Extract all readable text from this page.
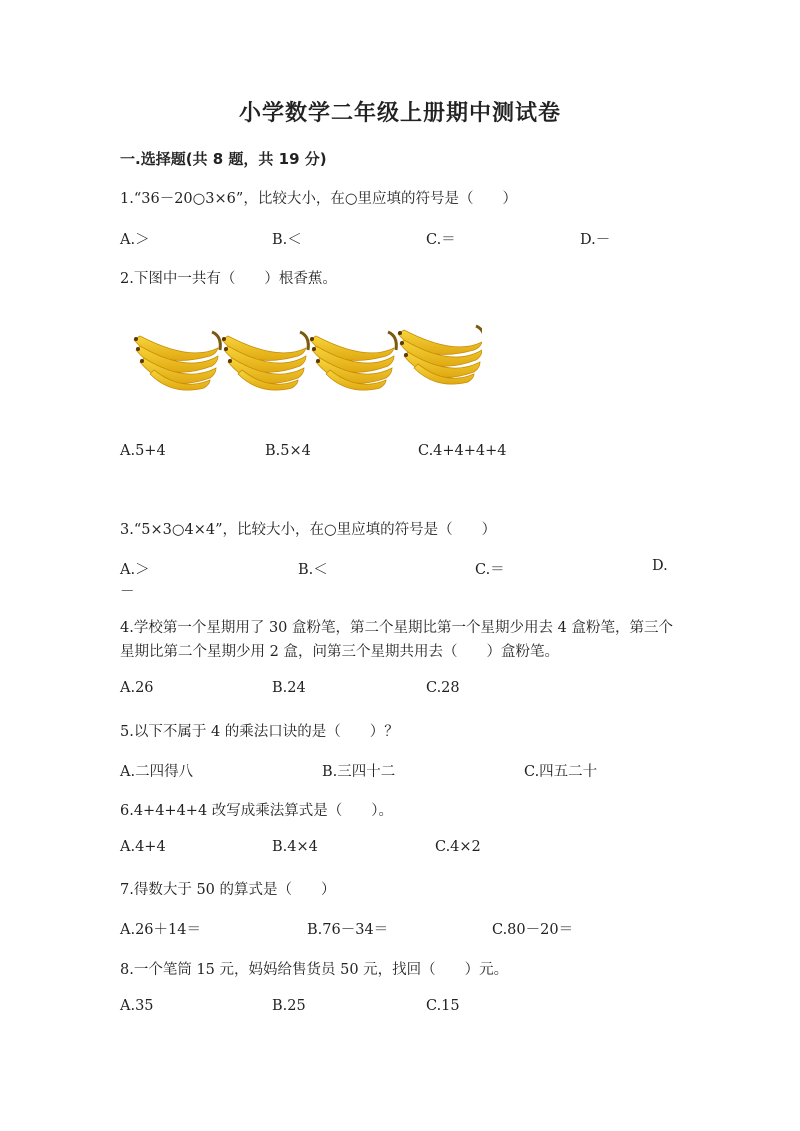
小学数学二年级上册期中测试卷
一.选择题(共 8 题，共 19 分)
1.“36－20○3×6”，比较大小，在○里应填的符号是（　　）
A.＞	B.＜	C.＝	D.－
2.下图中一共有（　　）根香蕉。
A.5+4	B.5×4	C.4+4+4+4
3.“5×3○4×4”，比较大小，在○里应填的符号是（　　）
A.＞	B.＜	C.＝	D.
－
4.学校第一个星期用了 30 盒粉笔，第二个星期比第一个星期少用去 4 盒粉笔，第三个星期比第二个星期少用 2 盒，问第三个星期共用去（　　）盒粉笔。
A.26	B.24	C.28
5.以下不属于 4 的乘法口诀的是（　　）？
A.二四得八	B.三四十二	C.四五二十
6.4+4+4+4 改写成乘法算式是（　　）。
A.4+4	B.4×4	C.4×2
7.得数大于 50 的算式是（　　）
A.26＋14＝	B.76－34＝	C.80－20＝
8.一个笔筒 15 元，妈妈给售货员 50 元，找回（　　）元。
A.35	B.25	C.15
